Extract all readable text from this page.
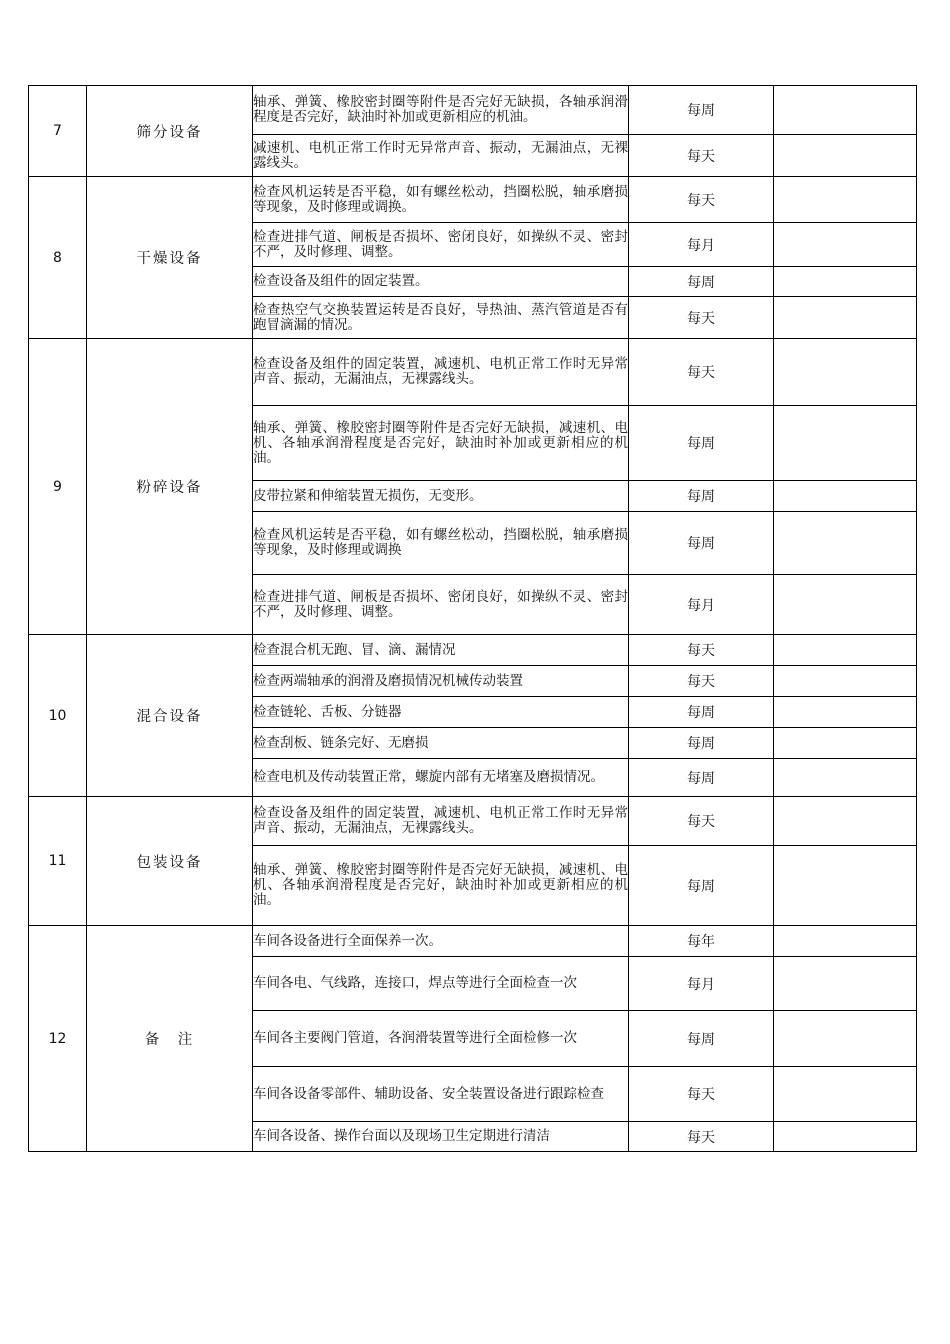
7	筛分设备	轴承、弹簧、橡胶密封圈等附件是否完好无缺损，各轴承润滑程度是否完好，缺油时补加或更新相应的机油。	每周	
		减速机、电机正常工作时无异常声音、振动，无漏油点，无裸露线头。	每天	
8	干燥设备	检查风机运转是否平稳，如有螺丝松动，挡圈松脱，轴承磨损等现象，及时修理或调换。	每天	
		检查进排气道、闸板是否损坏、密闭良好，如操纵不灵、密封不严，及时修理、调整。	每月	
		检查设备及组件的固定装置。	每周	
		检查热空气交换装置运转是否良好，导热油、蒸汽管道是否有跑冒滴漏的情况。	每天	
9	粉碎设备	检查设备及组件的固定装置，减速机、电机正常工作时无异常声音、振动，无漏油点，无裸露线头。	每天	
		轴承、弹簧、橡胶密封圈等附件是否完好无缺损，减速机、电机、各轴承润滑程度是否完好，缺油时补加或更新相应的机油。	每周	
		皮带拉紧和伸缩装置无损伤，无变形。	每周	
		检查风机运转是否平稳，如有螺丝松动，挡圈松脱，轴承磨损等现象，及时修理或调换	每周	
		检查进排气道、闸板是否损坏、密闭良好，如操纵不灵、密封不严，及时修理、调整。	每月	
10	混合设备	检查混合机无跑、冒、滴、漏情况	每天	
		检查两端轴承的润滑及磨损情况机械传动装置	每天	
		检查链轮、舌板、分链器	每周	
		检查刮板、链条完好、无磨损	每周	
		检查电机及传动装置正常，螺旋内部有无堵塞及磨损情况。	每周	
11	包装设备	检查设备及组件的固定装置，减速机、电机正常工作时无异常声音、振动，无漏油点，无裸露线头。	每天	
		轴承、弹簧、橡胶密封圈等附件是否完好无缺损，减速机、电机、各轴承润滑程度是否完好，缺油时补加或更新相应的机油。	每周	
12	备　注	车间各设备进行全面保养一次。	每年	
		车间各电、气线路，连接口，焊点等进行全面检查一次	每月	
		车间各主要阀门管道，各润滑装置等进行全面检修一次	每周	
		车间各设备零部件、辅助设备、安全装置设备进行跟踪检查	每天	
		车间各设备、操作台面以及现场卫生定期进行清洁	每天	
